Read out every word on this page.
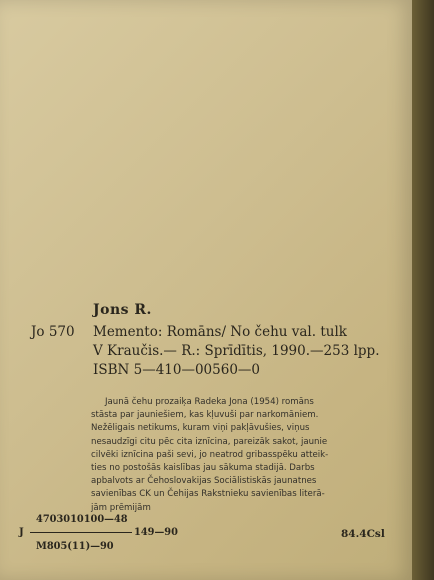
Jons R.
Jo 570 Memento: Romāns/ No čehu val. tulk
V Kraučis.— R.: Sprīdītis, 1990.—253 lpp.
ISBN 5—410—00560—0
Jaunā čehu prozaiķa Radeka Jona (1954) romāns
stāsta par jauniešiem, kas kļuvuši par narkomāniem.
Nežēligais netikums, kuram viņi pakļāvušies, viņus
nesaudzīgi citu pēc cita iznīcina, pareizāk sakot, jaunie
cilvēki iznīcina paši sevi, jo neatrod gribasspēku atteik-
ties no postošās kaislības jau sākuma stadijā. Darbs
apbalvots ar Čehoslovakijas Sociālistiskās jaunatnes
savienības CK un Čehijas Rakstnieku savienības literā-
jām prēmijām
4703010100—48
J	149—90
M805(11)—90
84.4Csl
